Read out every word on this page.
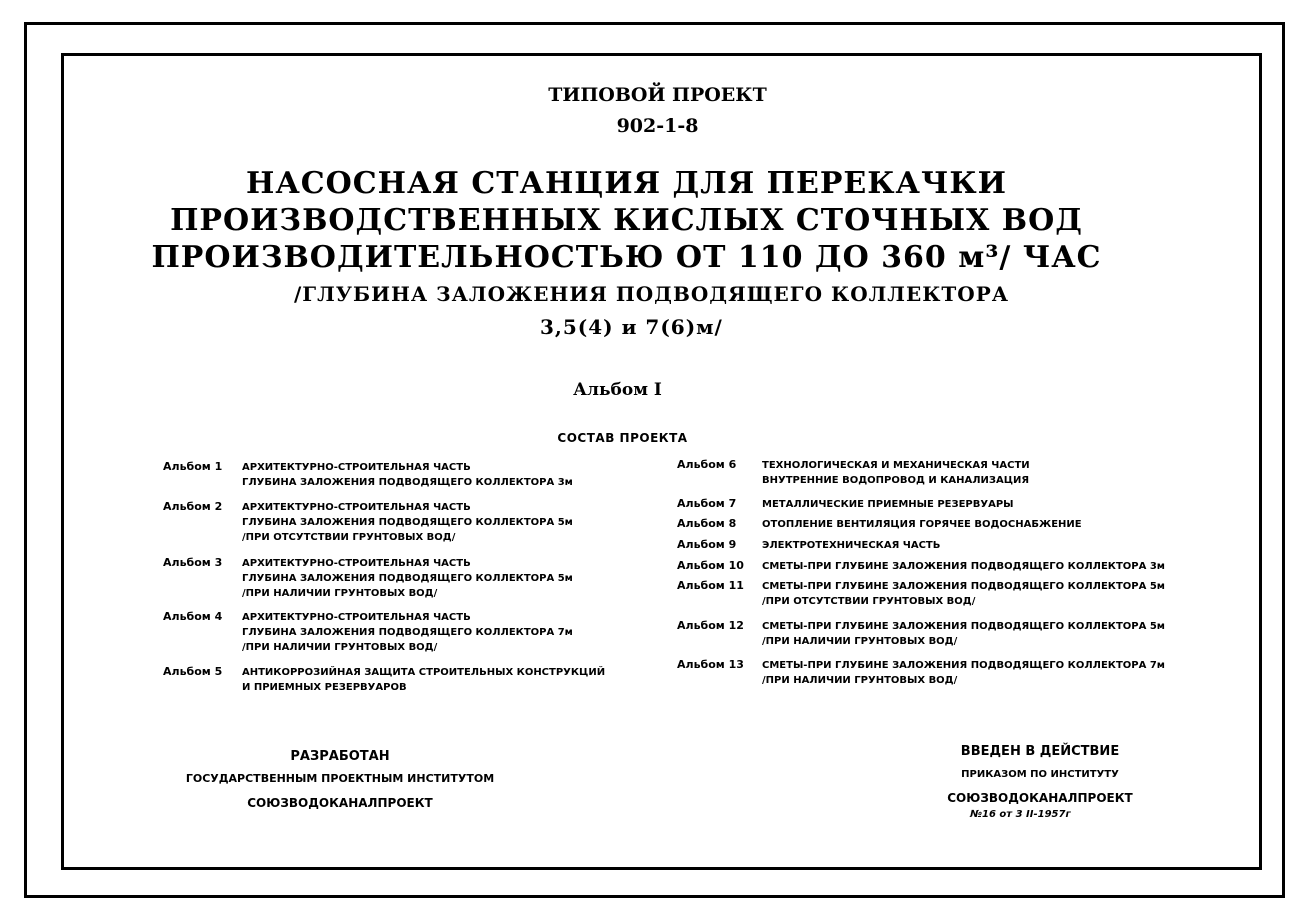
ТИПОВОЙ ПРОЕКТ
902-1-8
НАСОСНАЯ СТАНЦИЯ ДЛЯ ПЕРЕКАЧКИ
ПРОИЗВОДСТВЕННЫХ КИСЛЫХ СТОЧНЫХ ВОД
ПРОИЗВОДИТЕЛЬНОСТЬЮ ОТ 110 ДО 360 м³/ ЧАС
/ГЛУБИНА ЗАЛОЖЕНИЯ ПОДВОДЯЩЕГО КОЛЛЕКТОРА
3,5(4) и 7(6)м/
Альбом I
СОСТАВ ПРОЕКТА
Альбом 1 АРХИТЕКТУРНО-СТРОИТЕЛЬНАЯ ЧАСТЬ
ГЛУБИНА ЗАЛОЖЕНИЯ ПОДВОДЯЩЕГО КОЛЛЕКТОРА 3м
Альбом 2 АРХИТЕКТУРНО-СТРОИТЕЛЬНАЯ ЧАСТЬ
ГЛУБИНА ЗАЛОЖЕНИЯ ПОДВОДЯЩЕГО КОЛЛЕКТОРА 5м
/ПРИ ОТСУТСТВИИ ГРУНТОВЫХ ВОД/
Альбом 3 АРХИТЕКТУРНО-СТРОИТЕЛЬНАЯ ЧАСТЬ
ГЛУБИНА ЗАЛОЖЕНИЯ ПОДВОДЯЩЕГО КОЛЛЕКТОРА 5м
/ПРИ НАЛИЧИИ ГРУНТОВЫХ ВОД/
Альбом 4 АРХИТЕКТУРНО-СТРОИТЕЛЬНАЯ ЧАСТЬ
ГЛУБИНА ЗАЛОЖЕНИЯ ПОДВОДЯЩЕГО КОЛЛЕКТОРА 7м
/ПРИ НАЛИЧИИ ГРУНТОВЫХ ВОД/
Альбом 5 АНТИКОРРОЗИЙНАЯ ЗАЩИТА СТРОИТЕЛЬНЫХ КОНСТРУКЦИЙ
И ПРИЕМНЫХ РЕЗЕРВУАРОВ
Альбом 6	ТЕХНОЛОГИЧЕСКАЯ И МЕХАНИЧЕСКАЯ ЧАСТИ
ВНУТРЕННИЕ ВОДОПРОВОД И КАНАЛИЗАЦИЯ
Альбом 7	МЕТАЛЛИЧЕСКИЕ ПРИЕМНЫЕ РЕЗЕРВУАРЫ
Альбом 8	ОТОПЛЕНИЕ ВЕНТИЛЯЦИЯ ГОРЯЧЕЕ ВОДОСНАБЖЕНИЕ
Альбом 9	ЭЛЕКТРОТЕХНИЧЕСКАЯ ЧАСТЬ
Альбом 10 СМЕТЫ-ПРИ ГЛУБИНЕ ЗАЛОЖЕНИЯ ПОДВОДЯЩЕГО КОЛЛЕКТОРА 3м
Альбом 11 СМЕТЫ-ПРИ ГЛУБИНЕ ЗАЛОЖЕНИЯ ПОДВОДЯЩЕГО КОЛЛЕКТОРА 5м
/ПРИ ОТСУТСТВИИ ГРУНТОВЫХ ВОД/
Альбом 12 СМЕТЫ-ПРИ ГЛУБИНЕ ЗАЛОЖЕНИЯ ПОДВОДЯЩЕГО КОЛЛЕКТОРА 5м
/ПРИ НАЛИЧИИ ГРУНТОВЫХ ВОД/
Альбом 13 СМЕТЫ-ПРИ ГЛУБИНЕ ЗАЛОЖЕНИЯ ПОДВОДЯЩЕГО КОЛЛЕКТОРА 7м
/ПРИ НАЛИЧИИ ГРУНТОВЫХ ВОД/
РАЗРАБОТАН
ГОСУДАРСТВЕННЫМ ПРОЕКТНЫМ ИНСТИТУТОМ
СОЮЗВОДОКАНАЛПРОЕКТ
ВВЕДЕН В ДЕЙСТВИЕ
ПРИКАЗОМ ПО ИНСТИТУТУ
СОЮЗВОДОКАНАЛПРОЕКТ
№16 от 3 II-1957г
